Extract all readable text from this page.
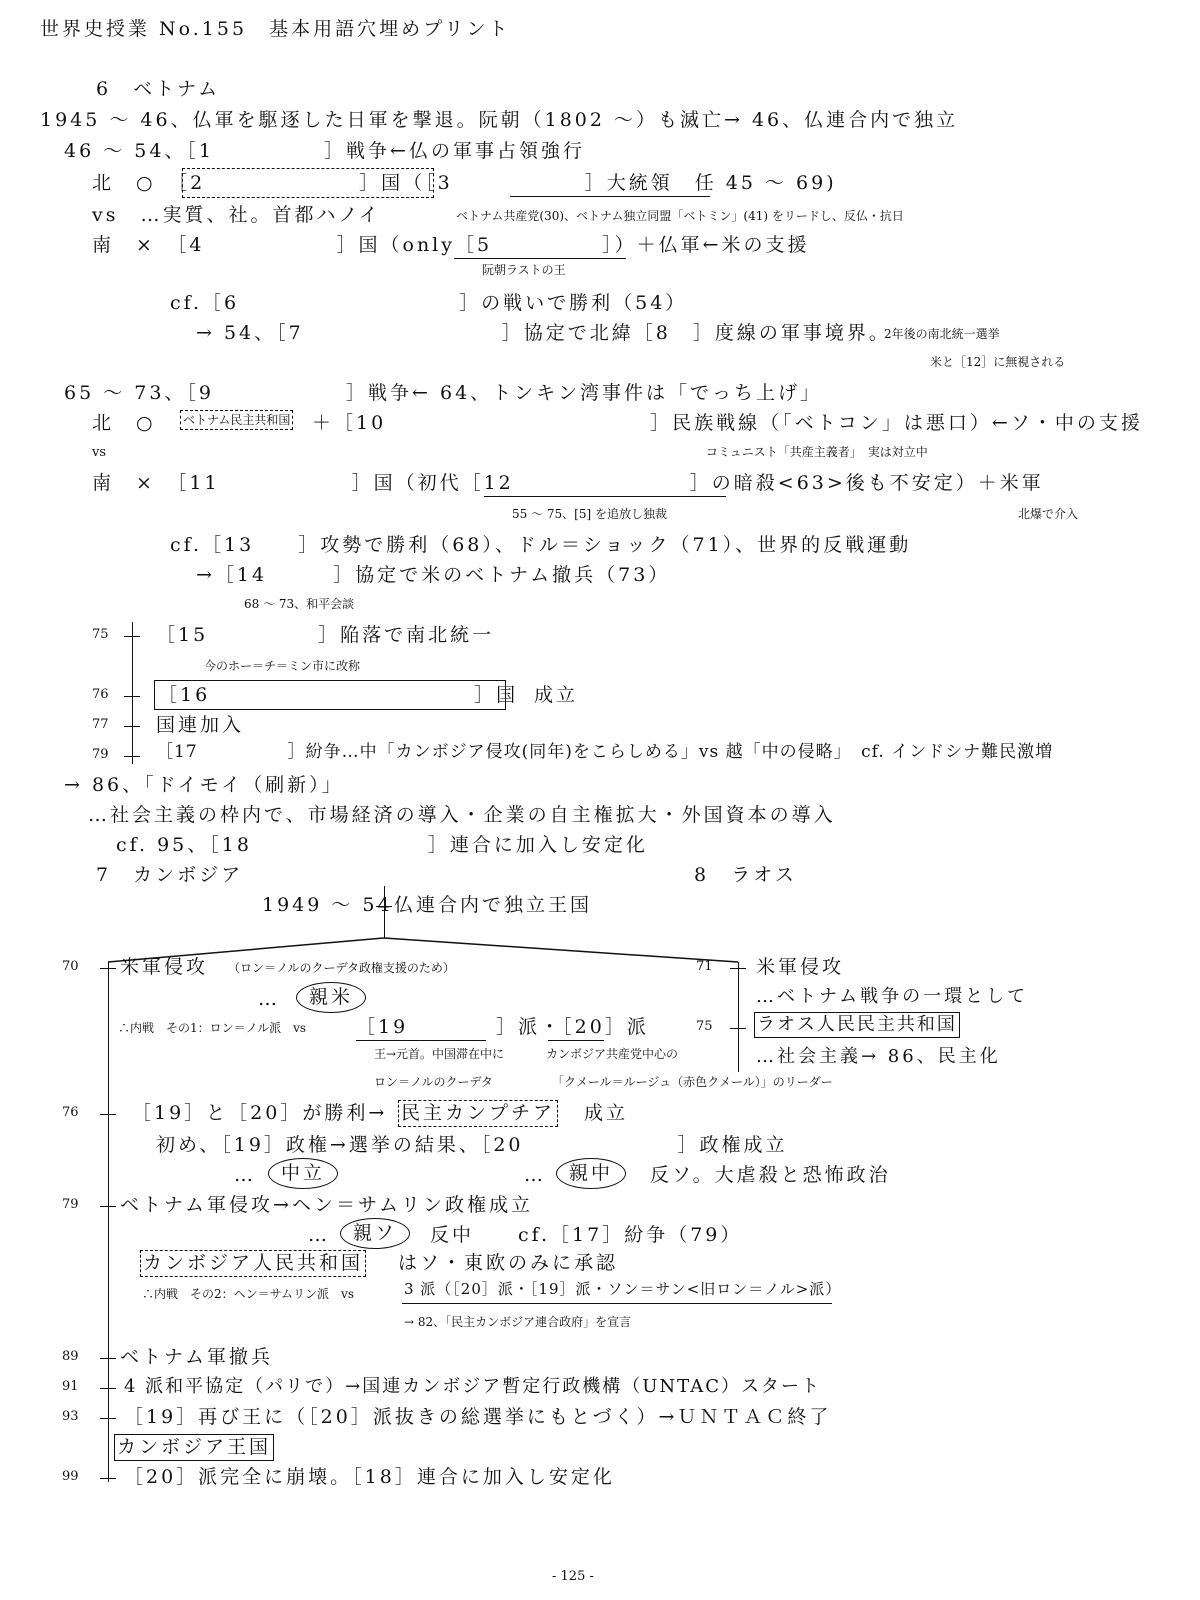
世界史授業 No.155　基本用語穴埋めプリント
6　ベトナム
1945 ～ 46、仏軍を駆逐した日軍を撃退。阮朝（1802 ～）も滅亡→ 46、仏連合内で独立
46 ～ 54、［1　　　　　］戦争←仏の軍事占領強行
北　○　［2　　　　　　　］国（［3　　　　　　］大統領　任 45 ～ 69)
vs　…実質、社。首都ハノイ	ベトナム共産党(30)、ベトナム独立同盟「ベトミン」(41) をリードし、反仏・抗日
南　×　［4　　　　　　］国（only［5　　　　　］）＋仏軍←米の支援
阮朝ラストの王
cf.［6　　　　　　　　　　］の戦いで勝利（54）
→ 54、［7　　　　　　　　　］協定で北緯［8　］度線の軍事境界。
2年後の南北統一選挙
米と［12］に無視される
65 ～ 73、［9　　　　　　］戦争← 64、トンキン湾事件は「でっち上げ」
北　○ ベトナム民主共和国 ＋［10　　　　　　　　　　　　］民族戦線（「ベトコン」は悪口）←ソ・中の支援
vs	コミュニスト「共産主義者」　実は対立中
南　×　［11　　　　　　］国（初代［12　　　　　　　　］の暗殺<63>後も不安定）＋米軍
55 ～ 75、[5] を追放し独裁	北爆で介入
cf.［13　　］攻勢で勝利（68）、ドル＝ショック（71）、世界的反戦運動
→［14　　　］協定で米のベトナム撤兵（73）
68 ～ 73、和平会談
75 ［15　　　　　］陥落で南北統一
今のホー＝チ＝ミン市に改称
76	［16　　　　　　　　　　　　］国 成立
77 国連加入
79	［17　　　　　］紛争…中「カンボジア侵攻(同年)をこらしめる」vs 越「中の侵略」　cf. インドシナ難民激増
→ 86、「ドイモイ（刷新）」
…社会主義の枠内で、市場経済の導入・企業の自主権拡大・外国資本の導入
cf. 95、［18　　　　　　　　］連合に加入し安定化
7　カンボジア	8　ラオス
1949 ～ 54 仏連合内で独立王国
71 米軍侵攻
…ベトナム戦争の一環として
75 ラオス人民民主共和国
…社会主義→ 86、民主化
70 米軍侵攻 （ロン＝ノルのクーデタ政権支援のため）
…	親米
∴内戦　その1：ロン＝ノル派　vs	［19　　　　］派・［20］派
王→元首。中国滞在中に	カンボジア共産党中心の
ロン＝ノルのクーデタ	「クメール＝ルージュ（赤色クメール）」のリーダー
76	［19］と［20］が勝利→ 民主カンプチア 成立
初め、［19］政権→選挙の結果、［20　　　　　　　］政権成立
…	中立	…	親中	反ソ。大虐殺と恐怖政治
79 ベトナム軍侵攻→ヘン＝サムリン政権成立
…	親ソ	反中　　cf.［17］紛争（79）
カンボジア人民共和国 はソ・東欧のみに承認
∴内戦　その2：ヘン＝サムリン派　vs	3 派（［20］派・［19］派・ソン＝サン<旧ロン＝ノル>派）
→ 82、「民主カンボジア連合政府」を宣言
89 ベトナム軍撤兵
91	4 派和平協定（パリで）→国連カンボジア暫定行政機構（UNTAC）スタート
93 ［19］再び王に（［20］派抜きの総選挙にもとづく）→ＵＮＴＡＣ終了
カンボジア王国
99 ［20］派完全に崩壊。［18］連合に加入し安定化
- 125 -
